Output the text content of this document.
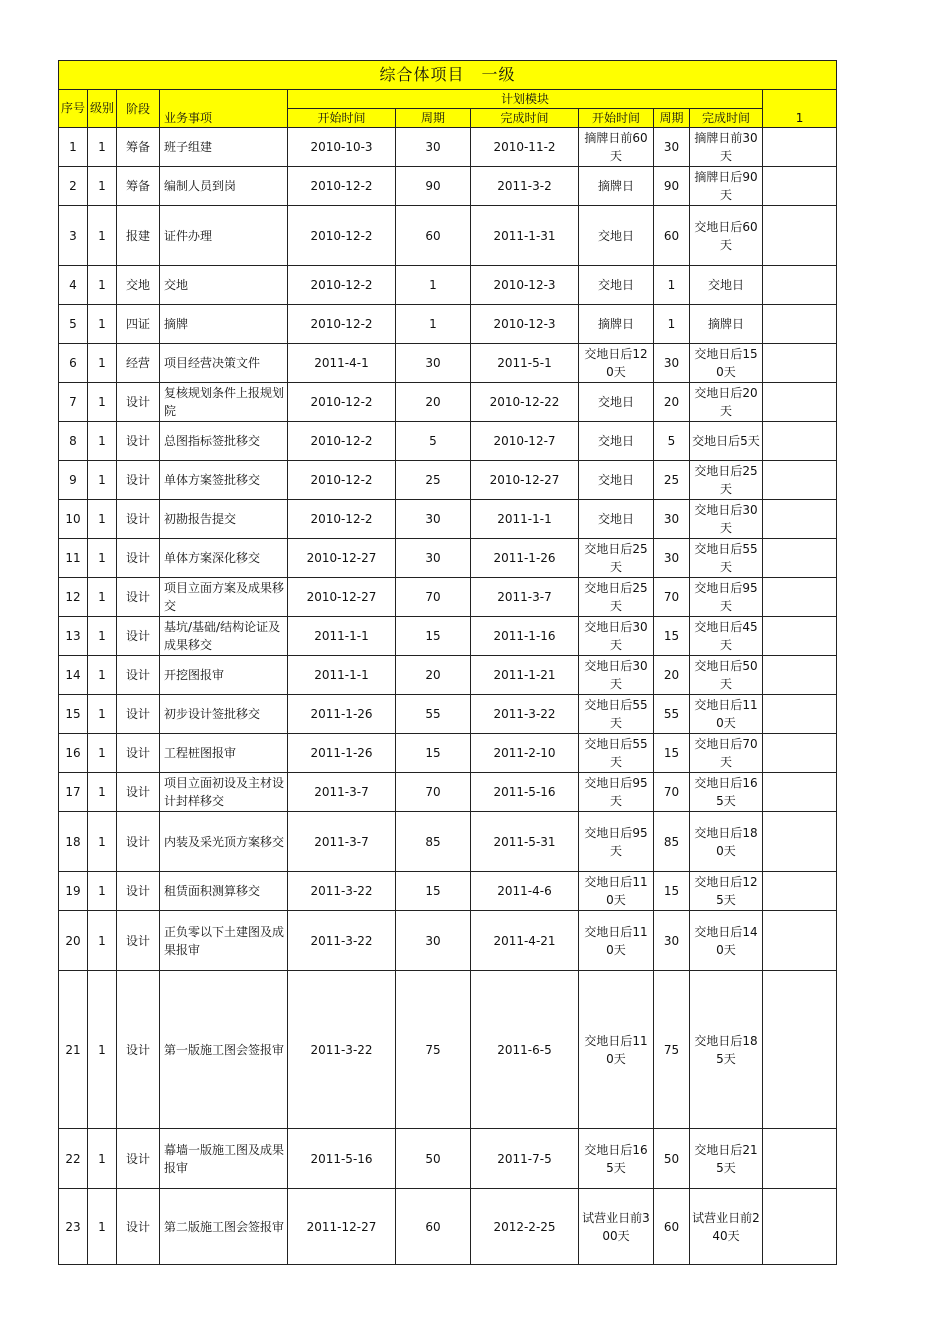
综合体项目　一级										
序号	级别	阶段		计划模块						
			业务事项	开始时间	周期	完成时间	开始时间	周期	完成时间	1
1	1	筹备	班子组建	2010-10-3	30	2010-11-2	摘牌日前60天	30	摘牌日前30天	
2	1	筹备	编制人员到岗	2010-12-2	90	2011-3-2	摘牌日	90	摘牌日后90天	
3	1	报建	证件办理	2010-12-2	60	2011-1-31	交地日	60	交地日后60天	
4	1	交地	交地	2010-12-2	1	2010-12-3	交地日	1	交地日	
5	1	四证	摘牌	2010-12-2	1	2010-12-3	摘牌日	1	摘牌日	
6	1	经营	项目经营决策文件	2011-4-1	30	2011-5-1	交地日后120天	30	交地日后150天	
7	1	设计	复核规划条件上报规划院	2010-12-2	20	2010-12-22	交地日	20	交地日后20天	
8	1	设计	总图指标签批移交	2010-12-2	5	2010-12-7	交地日	5	交地日后5天	
9	1	设计	单体方案签批移交	2010-12-2	25	2010-12-27	交地日	25	交地日后25天	
10	1	设计	初勘报告提交	2010-12-2	30	2011-1-1	交地日	30	交地日后30天	
11	1	设计	单体方案深化移交	2010-12-27	30	2011-1-26	交地日后25天	30	交地日后55天	
12	1	设计	项目立面方案及成果移交	2010-12-27	70	2011-3-7	交地日后25天	70	交地日后95天	
13	1	设计	基坑/基础/结构论证及成果移交	2011-1-1	15	2011-1-16	交地日后30天	15	交地日后45天	
14	1	设计	开挖图报审	2011-1-1	20	2011-1-21	交地日后30天	20	交地日后50天	
15	1	设计	初步设计签批移交	2011-1-26	55	2011-3-22	交地日后55天	55	交地日后110天	
16	1	设计	工程桩图报审	2011-1-26	15	2011-2-10	交地日后55天	15	交地日后70天	
17	1	设计	项目立面初设及主材设计封样移交	2011-3-7	70	2011-5-16	交地日后95天	70	交地日后165天	
18	1	设计	内装及采光顶方案移交	2011-3-7	85	2011-5-31	交地日后95天	85	交地日后180天	
19	1	设计	租赁面积测算移交	2011-3-22	15	2011-4-6	交地日后110天	15	交地日后125天	
20	1	设计	正负零以下土建图及成果报审	2011-3-22	30	2011-4-21	交地日后110天	30	交地日后140天	
21	1	设计	第一版施工图会签报审	2011-3-22	75	2011-6-5	交地日后110天	75	交地日后185天	
22	1	设计	幕墙一版施工图及成果报审	2011-5-16	50	2011-7-5	交地日后165天	50	交地日后215天	
23	1	设计	第二版施工图会签报审	2011-12-27	60	2012-2-25	试营业日前300天	60	试营业日前240天	
